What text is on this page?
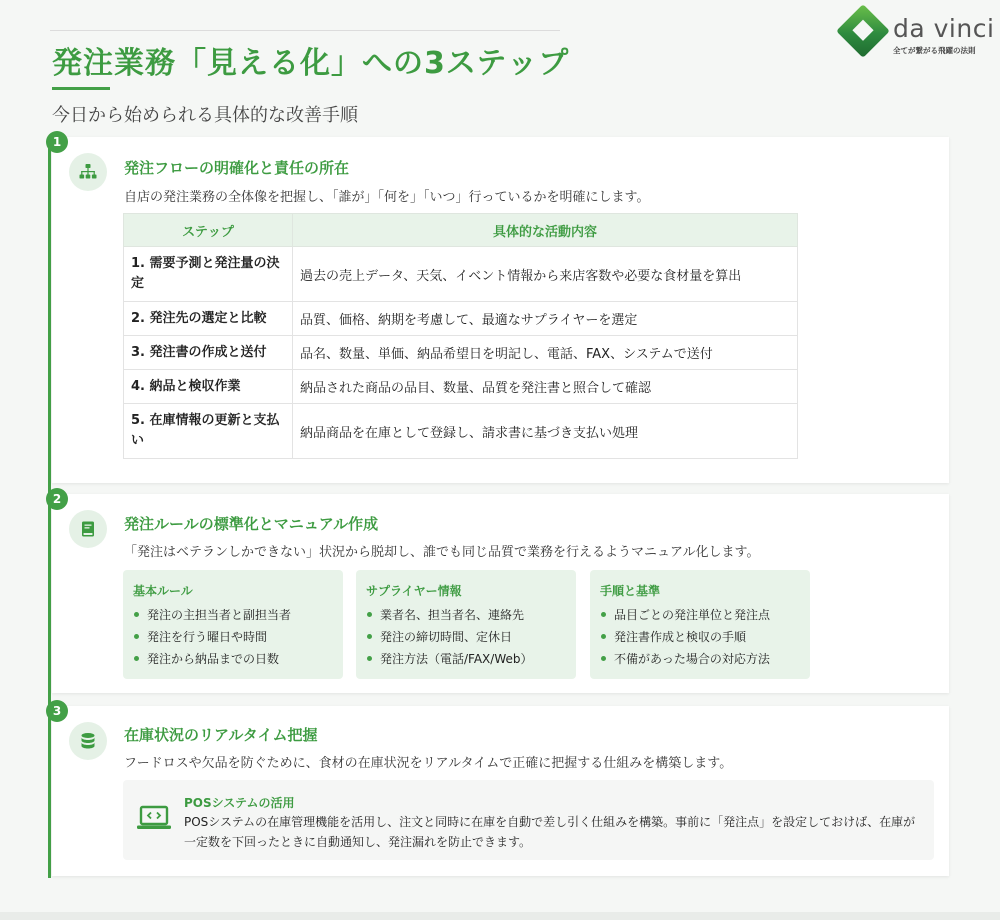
発注業務「見える化」への3ステップ
今日から始められる具体的な改善手順
da vinci
全てが繋がる飛躍の法則
発注フローの明確化と責任の所在
自店の発注業務の全体像を把握し、「誰が」「何を」「いつ」行っているかを明確にします。
ステップ	具体的な活動内容
1. 需要予測と発注量の決定	過去の売上データ、天気、イベント情報から来店客数や必要な食材量を算出
2. 発注先の選定と比較	品質、価格、納期を考慮して、最適なサプライヤーを選定
3. 発注書の作成と送付	品名、数量、単価、納品希望日を明記し、電話、FAX、システムで送付
4. 納品と検収作業	納品された商品の品目、数量、品質を発注書と照合して確認
5. 在庫情報の更新と支払い	納品商品を在庫として登録し、請求書に基づき支払い処理
1
発注ルールの標準化とマニュアル作成
「発注はベテランしかできない」状況から脱却し、誰でも同じ品質で業務を行えるようマニュアル化します。
基本ルール
発注の主担当者と副担当者
発注を行う曜日や時間
発注から納品までの日数
サプライヤー情報
業者名、担当者名、連絡先
発注の締切時間、定休日
発注方法（電話/FAX/Web）
手順と基準
品目ごとの発注単位と発注点
発注書作成と検収の手順
不備があった場合の対応方法
2
在庫状況のリアルタイム把握
フードロスや欠品を防ぐために、食材の在庫状況をリアルタイムで正確に把握する仕組みを構築します。
POSシステムの活用
POSシステムの在庫管理機能を活用し、注文と同時に在庫を自動で差し引く仕組みを構築。事前に「発注点」を設定しておけば、在庫が一定数を下回ったときに自動通知し、発注漏れを防止できます。
3
